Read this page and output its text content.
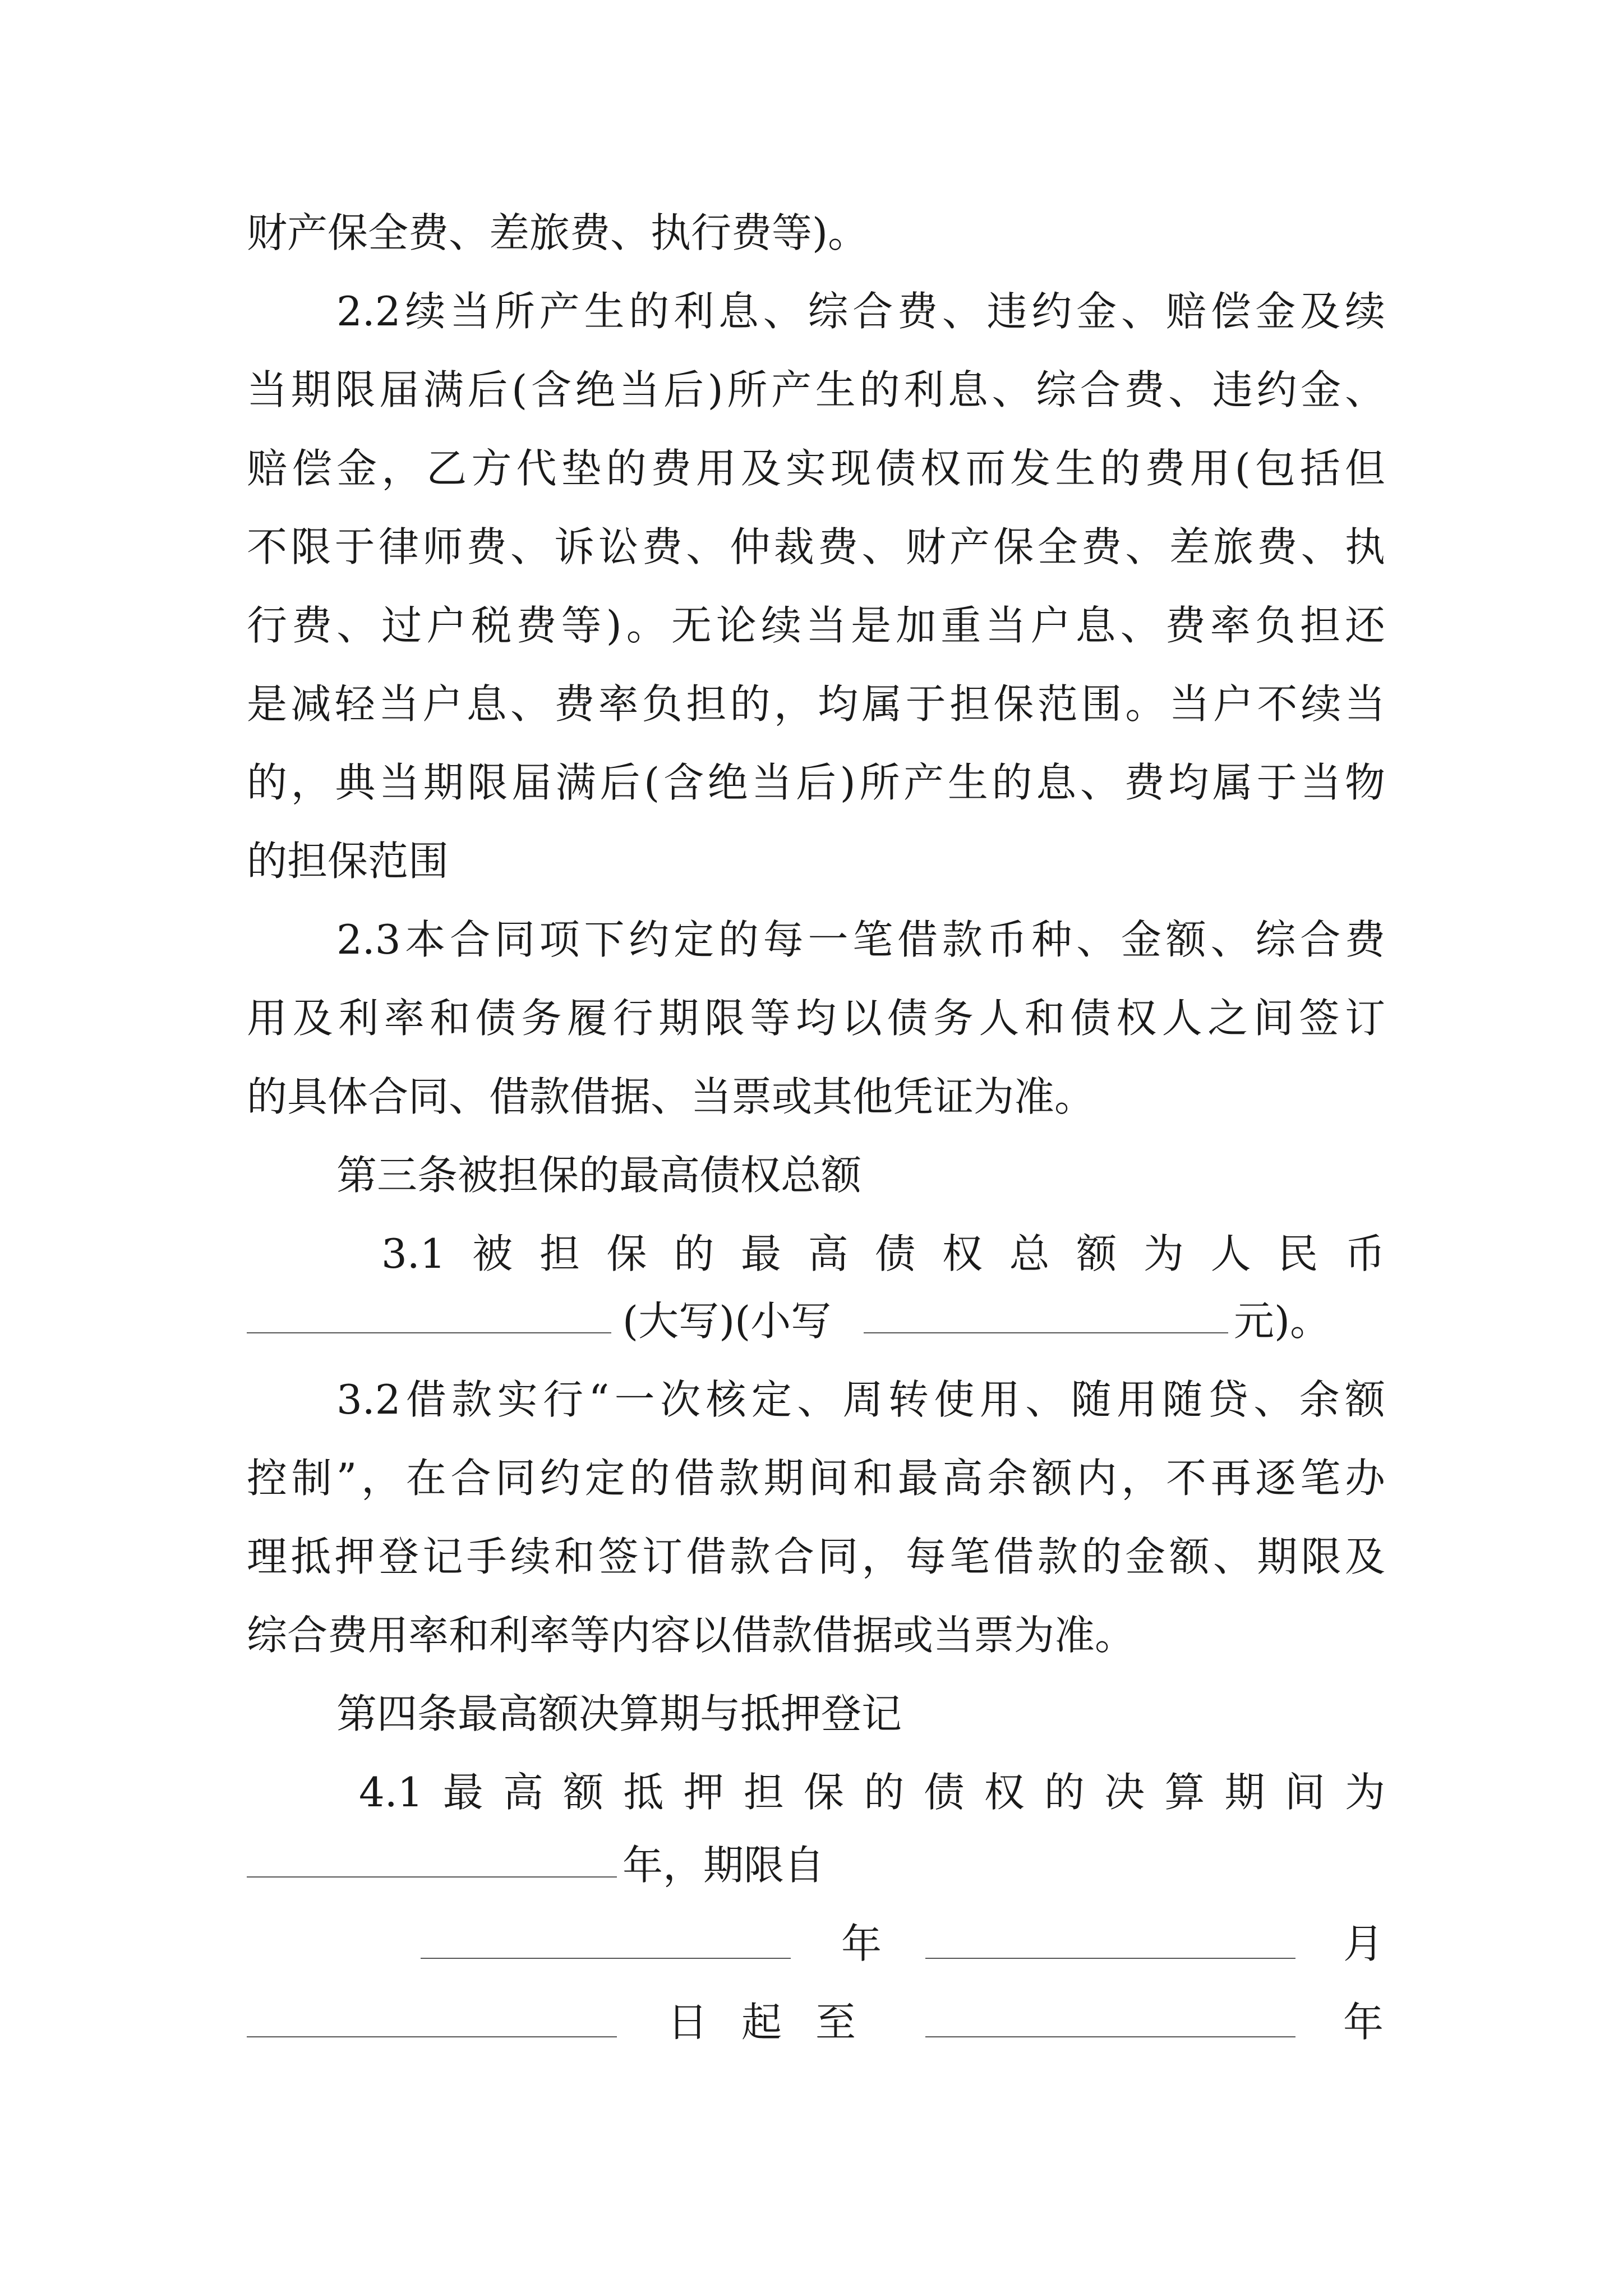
财产保全费、差旅费、执行费等)。
2.2续当所产生的利息、综合费、违约金、赔偿金及续
当期限届满后(含绝当后)所产生的利息、综合费、违约金、
赔偿金，乙方代垫的费用及实现债权而发生的费用(包括但
不限于律师费、诉讼费、仲裁费、财产保全费、差旅费、执
行费、过户税费等)。无论续当是加重当户息、费率负担还
是减轻当户息、费率负担的，均属于担保范围。当户不续当
的，典当期限届满后(含绝当后)所产生的息、费均属于当物
的担保范围
2.3本合同项下约定的每一笔借款币种、金额、综合费
用及利率和债务履行期限等均以债务人和债权人之间签订
的具体合同、借款借据、当票或其他凭证为准。
第三条被担保的最高债权总额
3.1被担保的最高债权总额为人民币
(大写)(小写	元)。
3.2借款实行“一次核定、周转使用、随用随贷、余额
控制”，在合同约定的借款期间和最高余额内，不再逐笔办
理抵押登记手续和签订借款合同，每笔借款的金额、期限及
综合费用率和利率等内容以借款借据或当票为准。
第四条最高额决算期与抵押登记
4.1最高额抵押担保的债权的决算期间为
年，期限自
年	月
日起至	年
